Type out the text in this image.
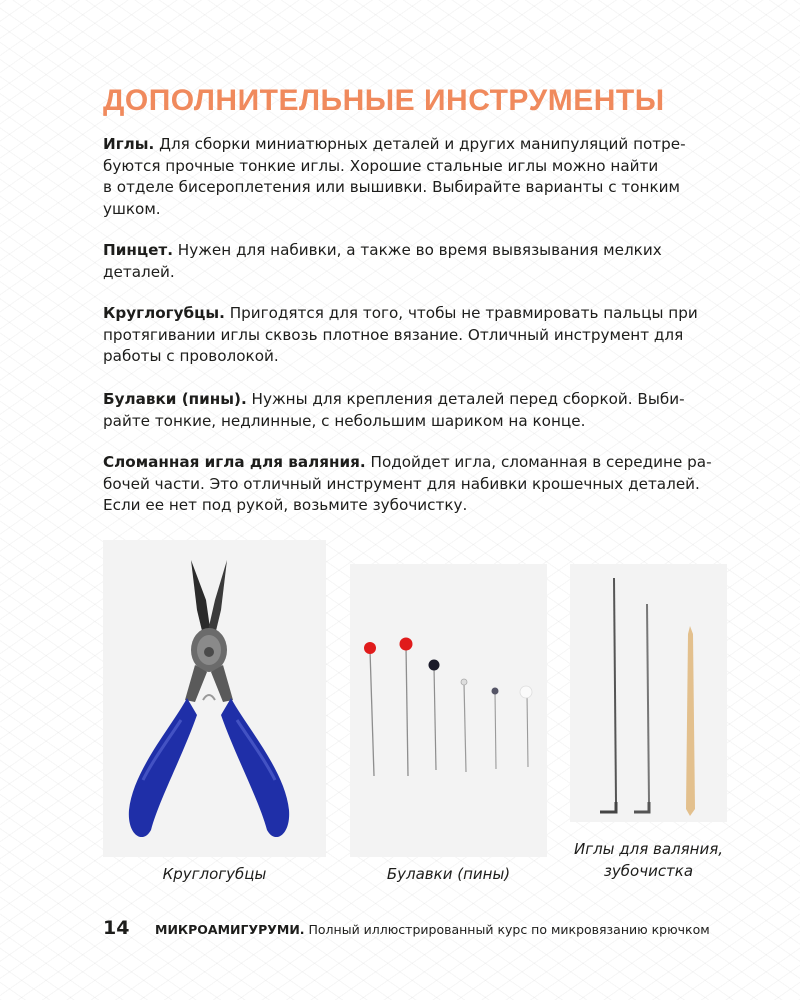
ДОПОЛНИТЕЛЬНЫЕ ИНСТРУМЕНТЫ

Иглы. Для сборки миниатюрных деталей и других манипуляций потре-
буются прочные тонкие иглы. Хорошие стальные иглы можно найти
в отделе бисероплетения или вышивки. Выбирайте варианты с тонким
ушком.

Пинцет. Нужен для набивки, а также во время вывязывания мелких
деталей.

Круглогубцы. Пригодятся для того, чтобы не травмировать пальцы при
протягивании иглы сквозь плотное вязание. Отличный инструмент для
работы с проволокой.

Булавки (пины). Нужны для крепления деталей перед сборкой. Выби-
райте тонкие, недлинные, с небольшим шариком на конце.

Сломанная игла для валяния. Подойдет игла, сломанная в середине ра-
бочей части. Это отличный инструмент для набивки крошечных деталей.
Если ее нет под рукой, возьмите зубочистку.

Круглогубцы	Булавки (пины)
Иглы для валяния,
зубочистка
14	МИКРОАМИГУРУМИ. Полный иллюстрированный курс по микровязанию крючком
